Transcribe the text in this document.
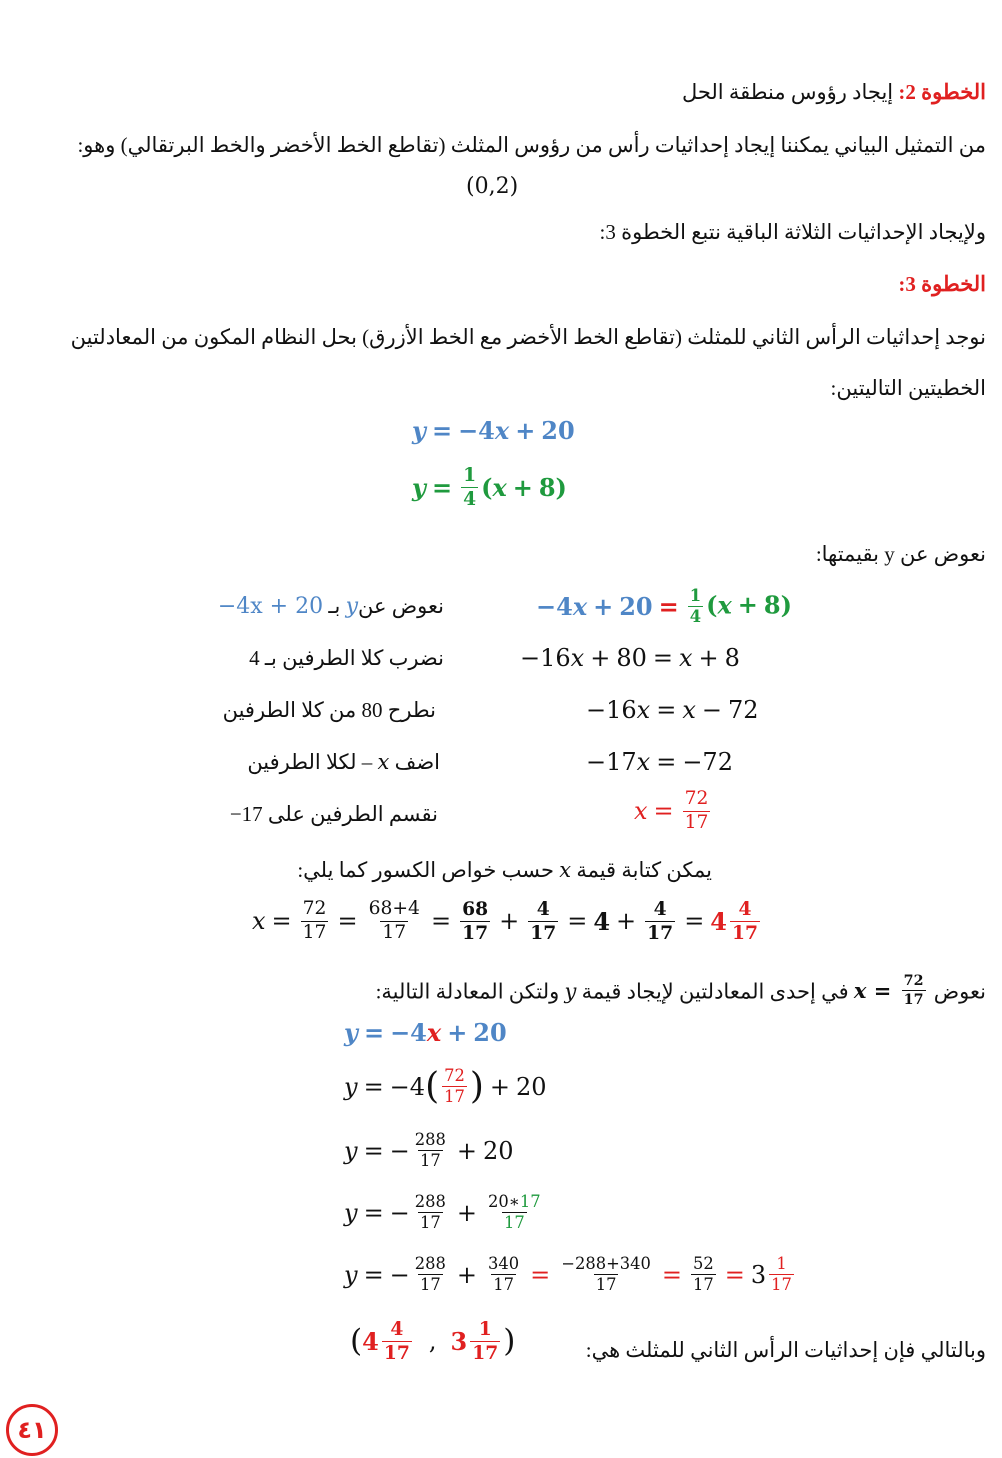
الخطوة 2: إيجاد رؤوس منطقة الحل
من التمثيل البياني يمكننا إيجاد إحداثيات رأس من رؤوس المثلث (تقاطع الخط الأخضر والخط البرتقالي) وهو:
(0,2)
ولإيجاد الإحداثيات الثلاثة الباقية نتبع الخطوة 3:
الخطوة 3:
نوجد إحداثيات الرأس الثاني للمثلث (تقاطع الخط الأخضر مع الخط الأزرق) بحل النظام المكون من المعادلتين
الخطيتين التاليتين:
y = −4 x + 20
$y = \frac{1}{4}$ ( x + 8)
نعوض عن y بقيمتها:
$-4x + 20 = \frac{1}{4} (x + 8)$
−16 x + 80 = x + 8
−16 x = x − 72
−17 x = −72
$x = \frac{72}{17}$
نعوض عنy بـ −4x + 20
نضرب كلا الطرفين بـ 4
نطرح 80 من كلا الطرفين
اضف x – لكلا الطرفين
نقسم الطرفين على 17−
يمكن كتابة قيمة x حسب خواص الكسور كما يلي:
$x = \frac{72}{17} = \frac{68+4}{17} = \frac{68}{17} + \frac{4}{17} = 4 + \frac{4}{17} = 4 \frac{4}{17}$
نعوض
$x = \frac{72}{17}$
في إحدى المعادلتين لإيجاد قيمة y ولتكن المعادلة التالية:
y = −4 x + 20
y = −4 ( $\frac{72}{17}$ ) + 20
y = − $\frac{288}{17} + 20$
y = − $\frac{288}{17} + \frac{20∗17}{17}$
y = − $\frac{288}{17} + \frac{340}{17} = \frac{-288+340}{17} = \frac{52}{17} = 3 \frac{1}{17}$
وبالتالي فإن إحداثيات الرأس الثاني للمثلث هي:
( $4 \frac{4}{17}$ , $3 \frac{1}{17}$ )
٤١
